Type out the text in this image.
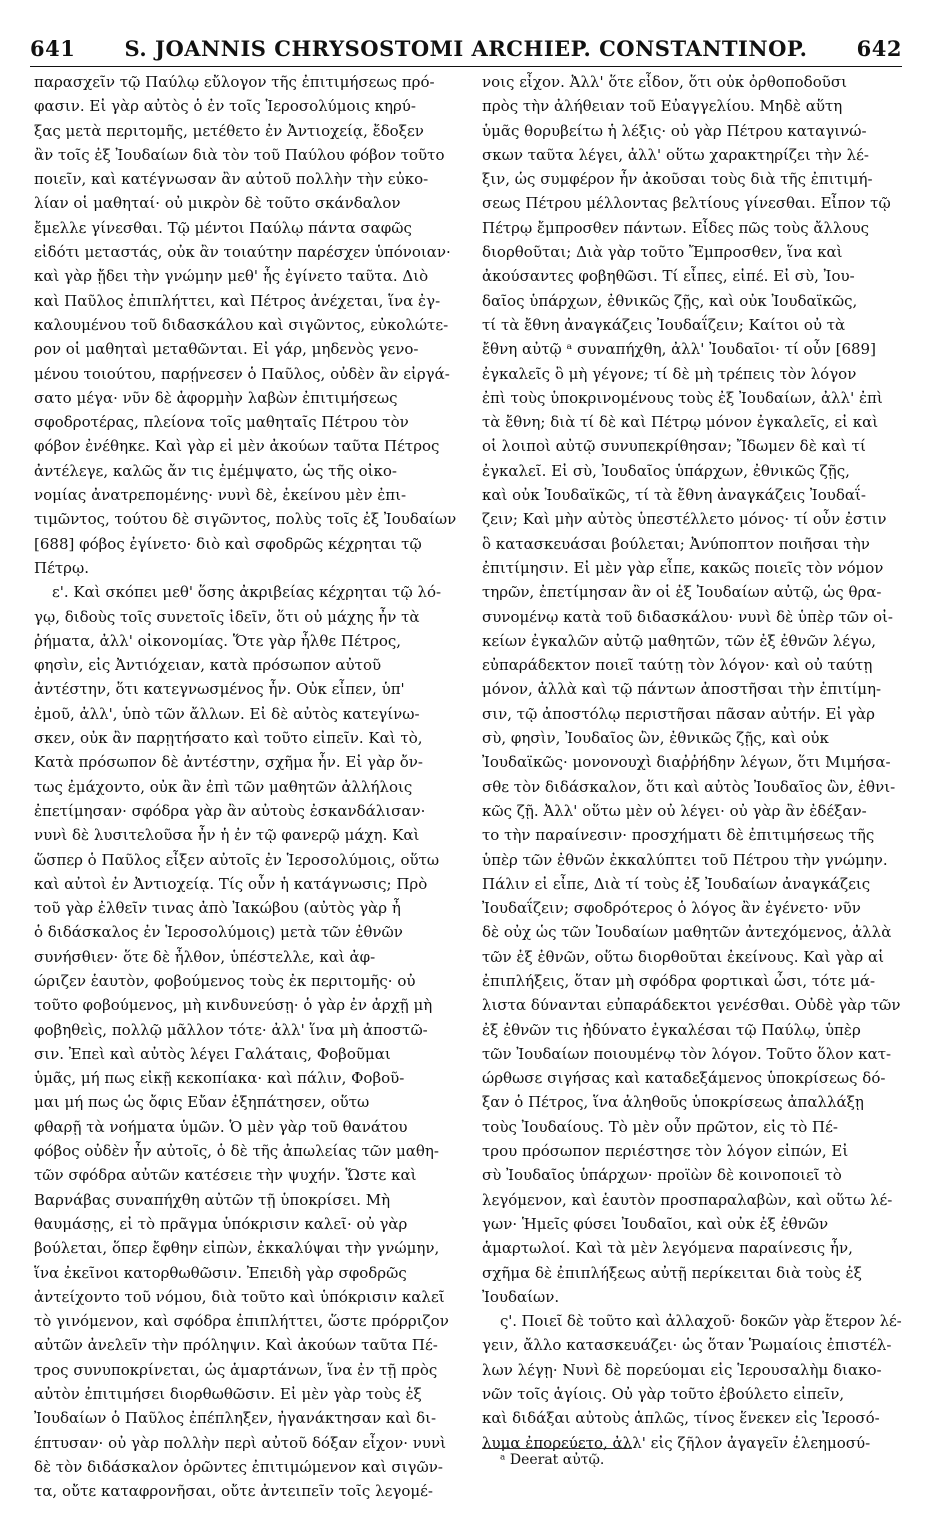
641	S. JOANNIS CHRYSOSTOMI ARCHIEP. CONSTANTINOP.	642
παρασχεῖν τῷ Παύλῳ εὔλογον τῆς ἐπιτιμήσεως πρό-
φασιν. Εἰ γὰρ αὐτὸς ὁ ἐν τοῖς Ἱεροσολύμοις κηρύ-
ξας μετὰ περιτομῆς, μετέθετο ἐν Ἀντιοχείᾳ, ἔδοξεν
ἂν τοῖς ἐξ Ἰουδαίων διὰ τὸν τοῦ Παύλου φόβον τοῦτο
ποιεῖν, καὶ κατέγνωσαν ἂν αὐτοῦ πολλὴν τὴν εὐκο-
λίαν οἱ μαθηταί· οὐ μικρὸν δὲ τοῦτο σκάνδαλον
ἔμελλε γίνεσθαι. Τῷ μέντοι Παύλῳ πάντα σαφῶς
εἰδότι μεταστάς, οὐκ ἂν τοιαύτην παρέσχεν ὑπόνοιαν·
καὶ γὰρ ᾔδει τὴν γνώμην μεθ' ἧς ἐγίνετο ταῦτα. Διὸ
καὶ Παῦλος ἐπιπλήττει, καὶ Πέτρος ἀνέχεται, ἵνα ἐγ-
καλουμένου τοῦ διδασκάλου καὶ σιγῶντος, εὐκολώτε-
ρον οἱ μαθηταὶ μεταθῶνται. Εἰ γάρ, μηδενὸς γενο-
μένου τοιούτου, παρῄνεσεν ὁ Παῦλος, οὐδὲν ἂν εἰργά-
σατο μέγα· νῦν δὲ ἀφορμὴν λαβὼν ἐπιτιμήσεως
σφοδροτέρας, πλείονα τοῖς μαθηταῖς Πέτρου τὸν
φόβον ἐνέθηκε. Καὶ γὰρ εἰ μὲν ἀκούων ταῦτα Πέτρος
ἀντέλεγε, καλῶς ἄν τις ἐμέμψατο, ὡς τῆς οἰκο-
νομίας ἀνατρεπομένης· νυνὶ δὲ, ἐκείνου μὲν ἐπι-
τιμῶντος, τούτου δὲ σιγῶντος, πολὺς τοῖς ἐξ Ἰουδαίων
[688] φόβος ἐγίνετο· διὸ καὶ σφοδρῶς κέχρηται τῷ
Πέτρῳ.
ε'. Καὶ σκόπει μεθ' ὅσης ἀκριβείας κέχρηται τῷ λό-
γῳ, διδοὺς τοῖς συνετοῖς ἰδεῖν, ὅτι οὐ μάχης ἦν τὰ
ῥήματα, ἀλλ' οἰκονομίας. Ὅτε γὰρ ἦλθε Πέτρος,
φησὶν, εἰς Ἀντιόχειαν, κατὰ πρόσωπον αὐτοῦ
ἀντέστην, ὅτι κατεγνωσμένος ἦν. Οὐκ εἶπεν, ὑπ'
ἐμοῦ, ἀλλ', ὑπὸ τῶν ἄλλων. Εἰ δὲ αὐτὸς κατεγίνω-
σκεν, οὐκ ἂν παρῃτήσατο καὶ τοῦτο εἰπεῖν. Καὶ τὸ,
Κατὰ πρόσωπον δὲ ἀντέστην, σχῆμα ἦν. Εἰ γὰρ ὄν-
τως ἐμάχοντο, οὐκ ἂν ἐπὶ τῶν μαθητῶν ἀλλήλοις
ἐπετίμησαν· σφόδρα γὰρ ἂν αὐτοὺς ἐσκανδάλισαν·
νυνὶ δὲ λυσιτελοῦσα ἦν ἡ ἐν τῷ φανερῷ μάχη. Καὶ
ὥσπερ ὁ Παῦλος εἶξεν αὐτοῖς ἐν Ἱεροσολύμοις, οὕτω
καὶ αὐτοὶ ἐν Ἀντιοχείᾳ. Τίς οὖν ἡ κατάγνωσις; Πρὸ
τοῦ γὰρ ἐλθεῖν τινας ἀπὸ Ἰακώβου (αὐτὸς γὰρ ἦ
ὁ διδάσκαλος ἐν Ἱεροσολύμοις) μετὰ τῶν ἐθνῶν
συνήσθιεν· ὅτε δὲ ἦλθον, ὑπέστελλε, καὶ ἀφ-
ώριζεν ἑαυτὸν, φοβούμενος τοὺς ἐκ περιτομῆς· οὐ
τοῦτο φοβούμενος, μὴ κινδυνεύσῃ· ὁ γὰρ ἐν ἀρχῇ μὴ
φοβηθεὶς, πολλῷ μᾶλλον τότε· ἀλλ' ἵνα μὴ ἀποστῶ-
σιν. Ἐπεὶ καὶ αὐτὸς λέγει Γαλάταις, Φοβοῦμαι
ὑμᾶς, μή πως εἰκῇ κεκοπίακα· καὶ πάλιν, Φοβοῦ-
μαι μή πως ὡς ὄφις Εὔαν ἐξηπάτησεν, οὕτω
φθαρῇ τὰ νοήματα ὑμῶν. Ὁ μὲν γὰρ τοῦ θανάτου
φόβος οὐδὲν ἦν αὐτοῖς, ὁ δὲ τῆς ἀπωλείας τῶν μαθη-
τῶν σφόδρα αὐτῶν κατέσειε τὴν ψυχήν. Ὥστε καὶ
Βαρνάβας συναπήχθη αὐτῶν τῇ ὑποκρίσει. Μὴ
θαυμάσῃς, εἰ τὸ πρᾶγμα ὑπόκρισιν καλεῖ· οὐ γὰρ
βούλεται, ὅπερ ἔφθην εἰπὼν, ἐκκαλύψαι τὴν γνώμην,
ἵνα ἐκεῖνοι κατορθωθῶσιν. Ἐπειδὴ γὰρ σφοδρῶς
ἀντείχοντο τοῦ νόμου, διὰ τοῦτο καὶ ὑπόκρισιν καλεῖ
τὸ γινόμενον, καὶ σφόδρα ἐπιπλήττει, ὥστε πρόρριζον
αὐτῶν ἀνελεῖν τὴν πρόληψιν. Καὶ ἀκούων ταῦτα Πέ-
τρος συνυποκρίνεται, ὡς ἁμαρτάνων, ἵνα ἐν τῇ πρὸς
αὐτὸν ἐπιτιμήσει διορθωθῶσιν. Εἰ μὲν γὰρ τοὺς ἐξ
Ἰουδαίων ὁ Παῦλος ἐπέπληξεν, ἠγανάκτησαν καὶ δι-
έπτυσαν· οὐ γὰρ πολλὴν περὶ αὐτοῦ δόξαν εἶχον· νυνὶ
δὲ τὸν διδάσκαλον ὁρῶντες ἐπιτιμώμενον καὶ σιγῶν-
τα, οὔτε καταφρονῆσαι, οὔτε ἀντειπεῖν τοῖς λεγομέ-
νοις εἶχον. Ἀλλ' ὅτε εἶδον, ὅτι οὐκ ὀρθοποδοῦσι
πρὸς τὴν ἀλήθειαν τοῦ Εὐαγγελίου. Μηδὲ αὕτη
ὑμᾶς θορυβείτω ἡ λέξις· οὐ γὰρ Πέτρου καταγινώ-
σκων ταῦτα λέγει, ἀλλ' οὕτω χαρακτηρίζει τὴν λέ-
ξιν, ὡς συμφέρον ἦν ἀκοῦσαι τοὺς διὰ τῆς ἐπιτιμή-
σεως Πέτρου μέλλοντας βελτίους γίνεσθαι. Εἶπον τῷ
Πέτρῳ ἔμπροσθεν πάντων. Εἶδες πῶς τοὺς ἄλλους
διορθοῦται; Διὰ γὰρ τοῦτο Ἔμπροσθεν, ἵνα καὶ
ἀκούσαντες φοβηθῶσι. Τί εἶπες, εἰπέ. Εἰ σὺ, Ἰου-
δαῖος ὑπάρχων, ἐθνικῶς ζῇς, καὶ οὐκ Ἰουδαϊκῶς,
τί τὰ ἔθνη ἀναγκάζεις Ἰουδαΐζειν; Καίτοι οὐ τὰ
ἔθνη αὐτῷ ᵃ συναπήχθη, ἀλλ' Ἰουδαῖοι· τί οὖν [689]
ἐγκαλεῖς ὃ μὴ γέγονε; τί δὲ μὴ τρέπεις τὸν λόγον
ἐπὶ τοὺς ὑποκρινομένους τοὺς ἐξ Ἰουδαίων, ἀλλ' ἐπὶ
τὰ ἔθνη; διὰ τί δὲ καὶ Πέτρῳ μόνον ἐγκαλεῖς, εἰ καὶ
οἱ λοιποὶ αὐτῷ συνυπεκρίθησαν; Ἴδωμεν δὲ καὶ τί
ἐγκαλεῖ. Εἰ σὺ, Ἰουδαῖος ὑπάρχων, ἐθνικῶς ζῇς,
καὶ οὐκ Ἰουδαϊκῶς, τί τὰ ἔθνη ἀναγκάζεις Ἰουδαΐ-
ζειν; Καὶ μὴν αὐτὸς ὑπεστέλλετο μόνος· τί οὖν ἐστιν
ὃ κατασκευάσαι βούλεται; Ἀνύποπτον ποιῆσαι τὴν
ἐπιτίμησιν. Εἰ μὲν γὰρ εἶπε, κακῶς ποιεῖς τὸν νόμον
τηρῶν, ἐπετίμησαν ἂν οἱ ἐξ Ἰουδαίων αὐτῷ, ὡς θρα-
συνομένῳ κατὰ τοῦ διδασκάλου· νυνὶ δὲ ὑπὲρ τῶν οἰ-
κείων ἐγκαλῶν αὐτῷ μαθητῶν, τῶν ἐξ ἐθνῶν λέγω,
εὐπαράδεκτον ποιεῖ ταύτῃ τὸν λόγον· καὶ οὐ ταύτῃ
μόνον, ἀλλὰ καὶ τῷ πάντων ἀποστῆσαι τὴν ἐπιτίμη-
σιν, τῷ ἀποστόλῳ περιστῆσαι πᾶσαν αὐτήν. Εἰ γὰρ
σὺ, φησὶν, Ἰουδαῖος ὢν, ἐθνικῶς ζῇς, καὶ οὐκ
Ἰουδαϊκῶς· μονονουχὶ διαῤῥήδην λέγων, ὅτι Μιμήσα-
σθε τὸν διδάσκαλον, ὅτι καὶ αὐτὸς Ἰουδαῖος ὢν, ἐθνι-
κῶς ζῇ. Ἀλλ' οὕτω μὲν οὐ λέγει· οὐ γὰρ ἂν ἐδέξαν-
το τὴν παραίνεσιν· προσχήματι δὲ ἐπιτιμήσεως τῆς
ὑπὲρ τῶν ἐθνῶν ἐκκαλύπτει τοῦ Πέτρου τὴν γνώμην.
Πάλιν εἰ εἶπε, Διὰ τί τοὺς ἐξ Ἰουδαίων ἀναγκάζεις
Ἰουδαΐζειν; σφοδρότερος ὁ λόγος ἂν ἐγένετο· νῦν
δὲ οὐχ ὡς τῶν Ἰουδαίων μαθητῶν ἀντεχόμενος, ἀλλὰ
τῶν ἐξ ἐθνῶν, οὕτω διορθοῦται ἐκείνους. Καὶ γὰρ αἱ
ἐπιπλήξεις, ὅταν μὴ σφόδρα φορτικαὶ ὦσι, τότε μά-
λιστα δύνανται εὐπαράδεκτοι γενέσθαι. Οὐδὲ γὰρ τῶν
ἐξ ἐθνῶν τις ἠδύνατο ἐγκαλέσαι τῷ Παύλῳ, ὑπὲρ
τῶν Ἰουδαίων ποιουμένῳ τὸν λόγον. Τοῦτο ὅλον κατ-
ώρθωσε σιγήσας καὶ καταδεξάμενος ὑποκρίσεως δό-
ξαν ὁ Πέτρος, ἵνα ἀληθοῦς ὑποκρίσεως ἀπαλλάξῃ
τοὺς Ἰουδαίους. Τὸ μὲν οὖν πρῶτον, εἰς τὸ Πέ-
τρου πρόσωπον περιέστησε τὸν λόγον εἰπών, Εἰ
σὺ Ἰουδαῖος ὑπάρχων· προϊὼν δὲ κοινοποιεῖ τὸ
λεγόμενον, καὶ ἑαυτὸν προσπαραλαβὼν, καὶ οὕτω λέ-
γων· Ἡμεῖς φύσει Ἰουδαῖοι, καὶ οὐκ ἐξ ἐθνῶν
ἁμαρτωλοί. Καὶ τὰ μὲν λεγόμενα παραίνεσις ἦν,
σχῆμα δὲ ἐπιπλήξεως αὐτῇ περίκειται διὰ τοὺς ἐξ
Ἰουδαίων.
ς'. Ποιεῖ δὲ τοῦτο καὶ ἀλλαχοῦ· δοκῶν γὰρ ἕτερον λέ-
γειν, ἄλλο κατασκευάζει· ὡς ὅταν Ῥωμαίοις ἐπιστέλ-
λων λέγῃ· Νυνὶ δὲ πορεύομαι εἰς Ἱερουσαλὴμ διακο-
νῶν τοῖς ἁγίοις. Οὐ γὰρ τοῦτο ἐβούλετο εἰπεῖν,
καὶ διδάξαι αὐτοὺς ἁπλῶς, τίνος ἕνεκεν εἰς Ἱεροσό-
λυμα ἐπορεύετο, ἀλλ' εἰς ζῆλον ἀγαγεῖν ἐλεημοσύ-
ᵃ Deerat αὐτῷ.
